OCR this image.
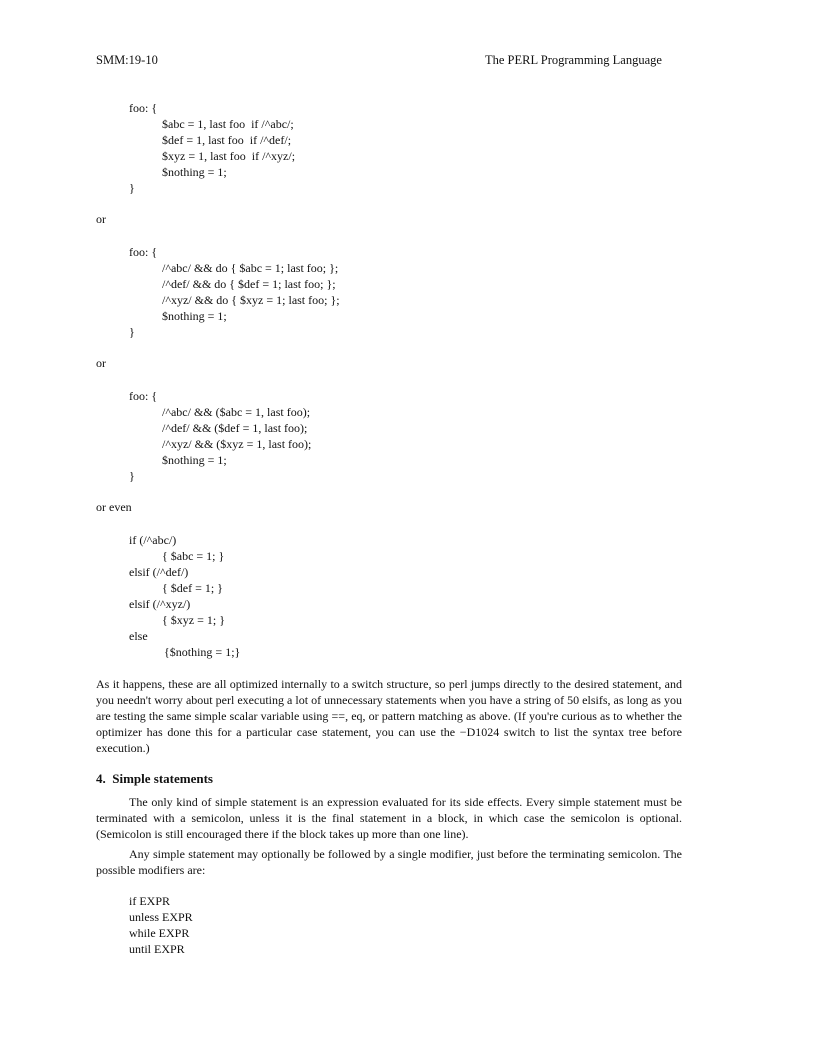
SMM:19-10	The PERL Programming Language
foo: {
$abc = 1, last foo  if /^abc/;
$def = 1, last foo  if /^def/;
$xyz = 1, last foo  if /^xyz/;
$nothing = 1;
}
or
foo: {
/^abc/ && do { $abc = 1; last foo; };
/^def/ && do { $def = 1; last foo; };
/^xyz/ && do { $xyz = 1; last foo; };
$nothing = 1;
}
or
foo: {
/^abc/ && ($abc = 1, last foo);
/^def/ && ($def = 1, last foo);
/^xyz/ && ($xyz = 1, last foo);
$nothing = 1;
}
or even
if (/^abc/)
{ $abc = 1; }
elsif (/^def/)
{ $def = 1; }
elsif (/^xyz/)
{ $xyz = 1; }
else
{$nothing = 1;}

As it happens, these are all optimized internally to a switch structure, so perl jumps directly to the desired statement, and you needn't worry about perl executing a lot of unnecessary statements when you have a string of 50 elsifs, as long as you are testing the same simple scalar variable using ==, eq, or pattern matching as above. (If you're curious as to whether the optimizer has done this for a particular case statement, you can use the −D1024 switch to list the syntax tree before execution.)

4.  Simple statements

The only kind of simple statement is an expression evaluated for its side effects. Every simple statement must be terminated with a semicolon, unless it is the final statement in a block, in which case the semicolon is optional. (Semicolon is still encouraged there if the block takes up more than one line).

Any simple statement may optionally be followed by a single modifier, just before the terminating semicolon. The possible modifiers are:

if EXPR
unless EXPR
while EXPR
until EXPR
